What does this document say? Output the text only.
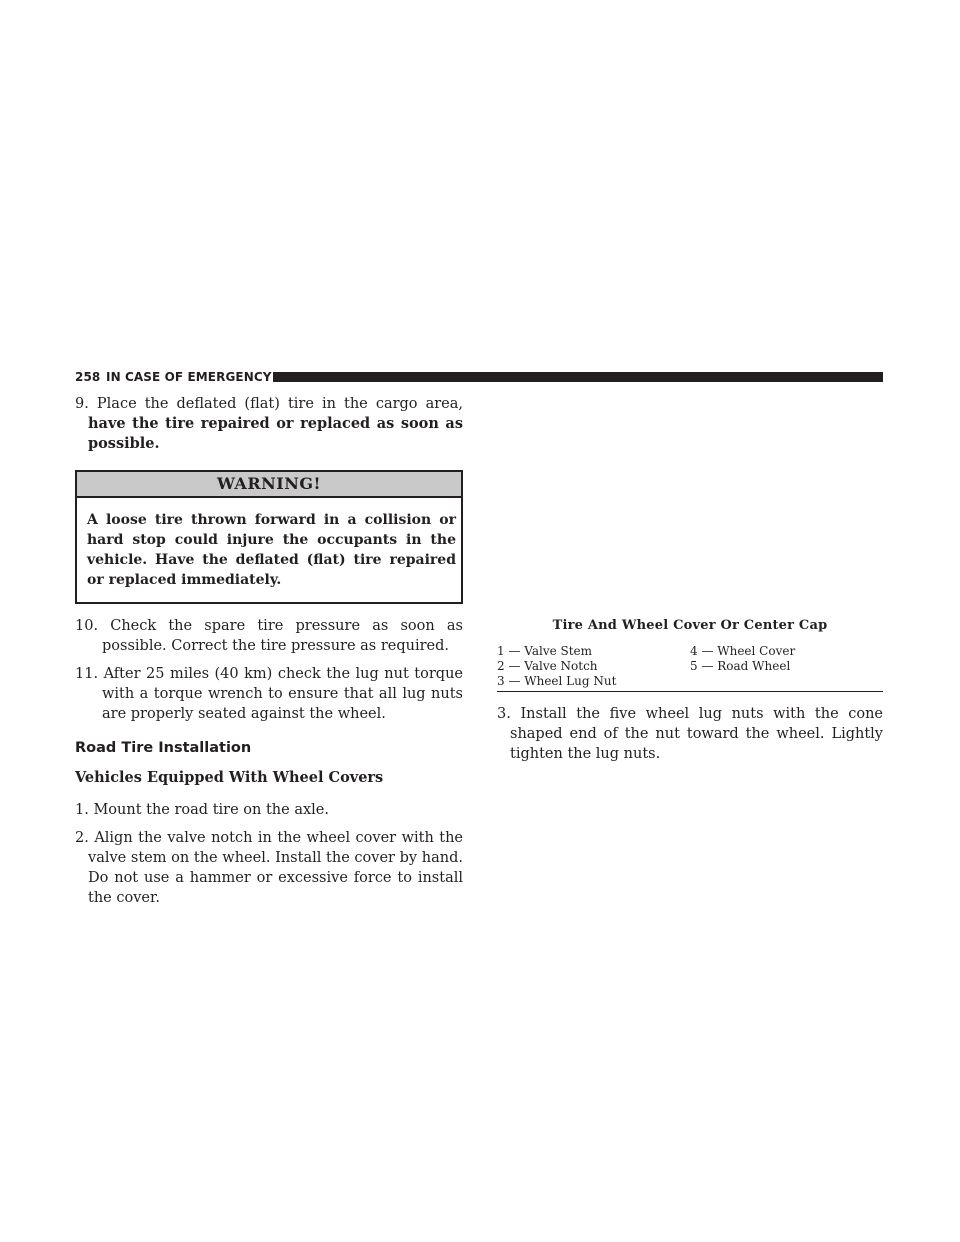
258 IN CASE OF EMERGENCY

9. Place the deflated (flat) tire in the cargo area, have the tire repaired or replaced as soon as possible.

WARNING!
A loose tire thrown forward in a collision or hard stop could injure the occupants in the vehicle. Have the deflated (flat) tire repaired or replaced immediately.

10. Check the spare tire pressure as soon as possible. Correct the tire pressure as required.

11. After 25 miles (40 km) check the lug nut torque with a torque wrench to ensure that all lug nuts are properly seated against the wheel.

Road Tire Installation
Vehicles Equipped With Wheel Covers

1. Mount the road tire on the axle.

2. Align the valve notch in the wheel cover with the valve stem on the wheel. Install the cover by hand. Do not use a hammer or excessive force to install the cover.

Tire And Wheel Cover Or Center Cap
1 — Valve Stem	4 — Wheel Cover
2 — Valve Notch	5 — Road Wheel
3 — Wheel Lug Nut

3. Install the five wheel lug nuts with the cone shaped end of the nut toward the wheel. Lightly tighten the lug nuts.
